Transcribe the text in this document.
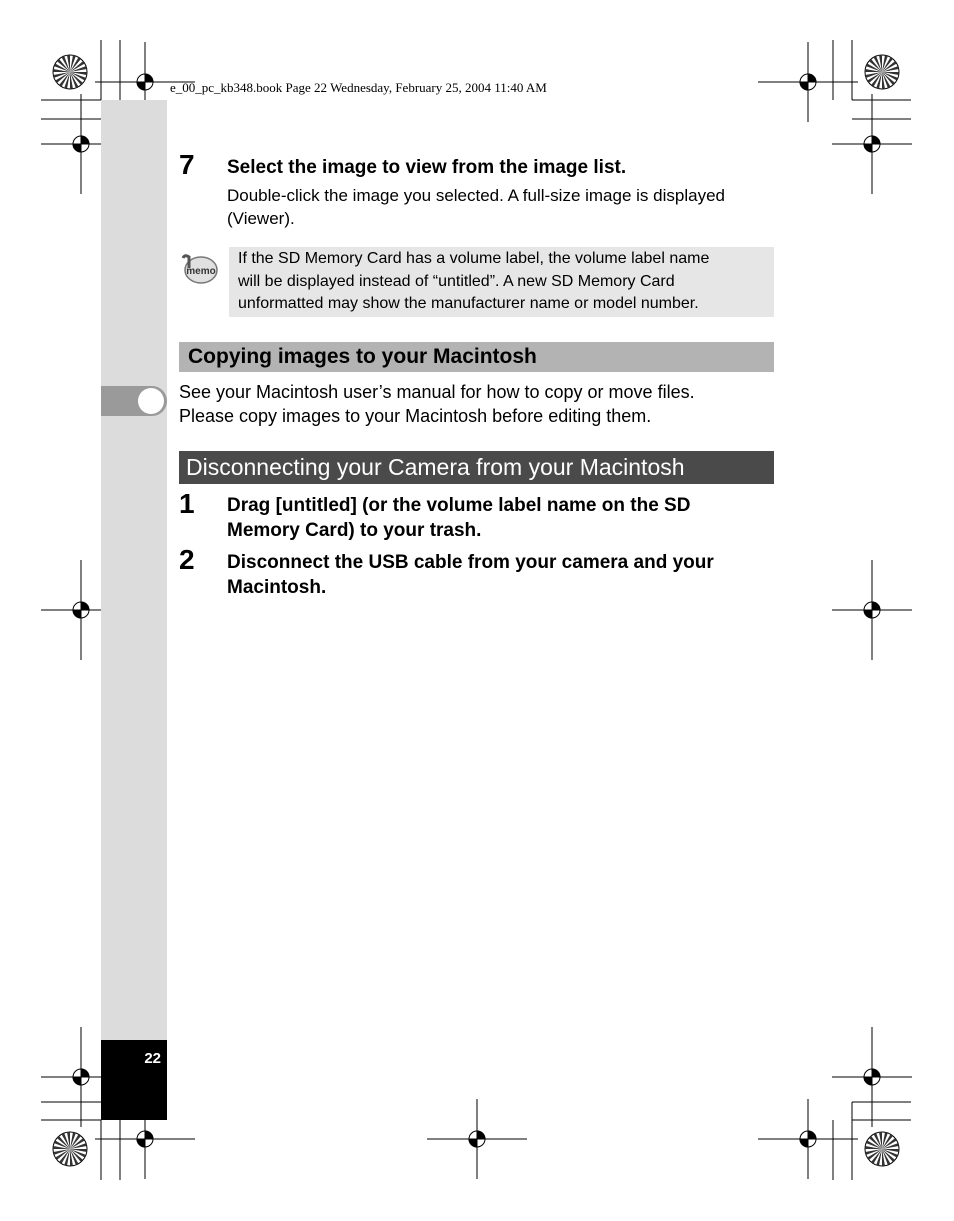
22
e_00_pc_kb348.book Page 22 Wednesday, February 25, 2004 11:40 AM
7 Select the image to view from the image list.
Double-click the image you selected. A full-size image is displayed
(Viewer).
memo
If the SD Memory Card has a volume label, the volume label name
will be displayed instead of “untitled”. A new SD Memory Card
unformatted may show the manufacturer name or model number.
Copying images to your Macintosh
See your Macintosh user’s manual for how to copy or move files.
Please copy images to your Macintosh before editing them.
Disconnecting your Camera from your Macintosh
1 Drag [untitled] (or the volume label name on the SD
Memory Card) to your trash.
2 Disconnect the USB cable from your camera and your
Macintosh.
